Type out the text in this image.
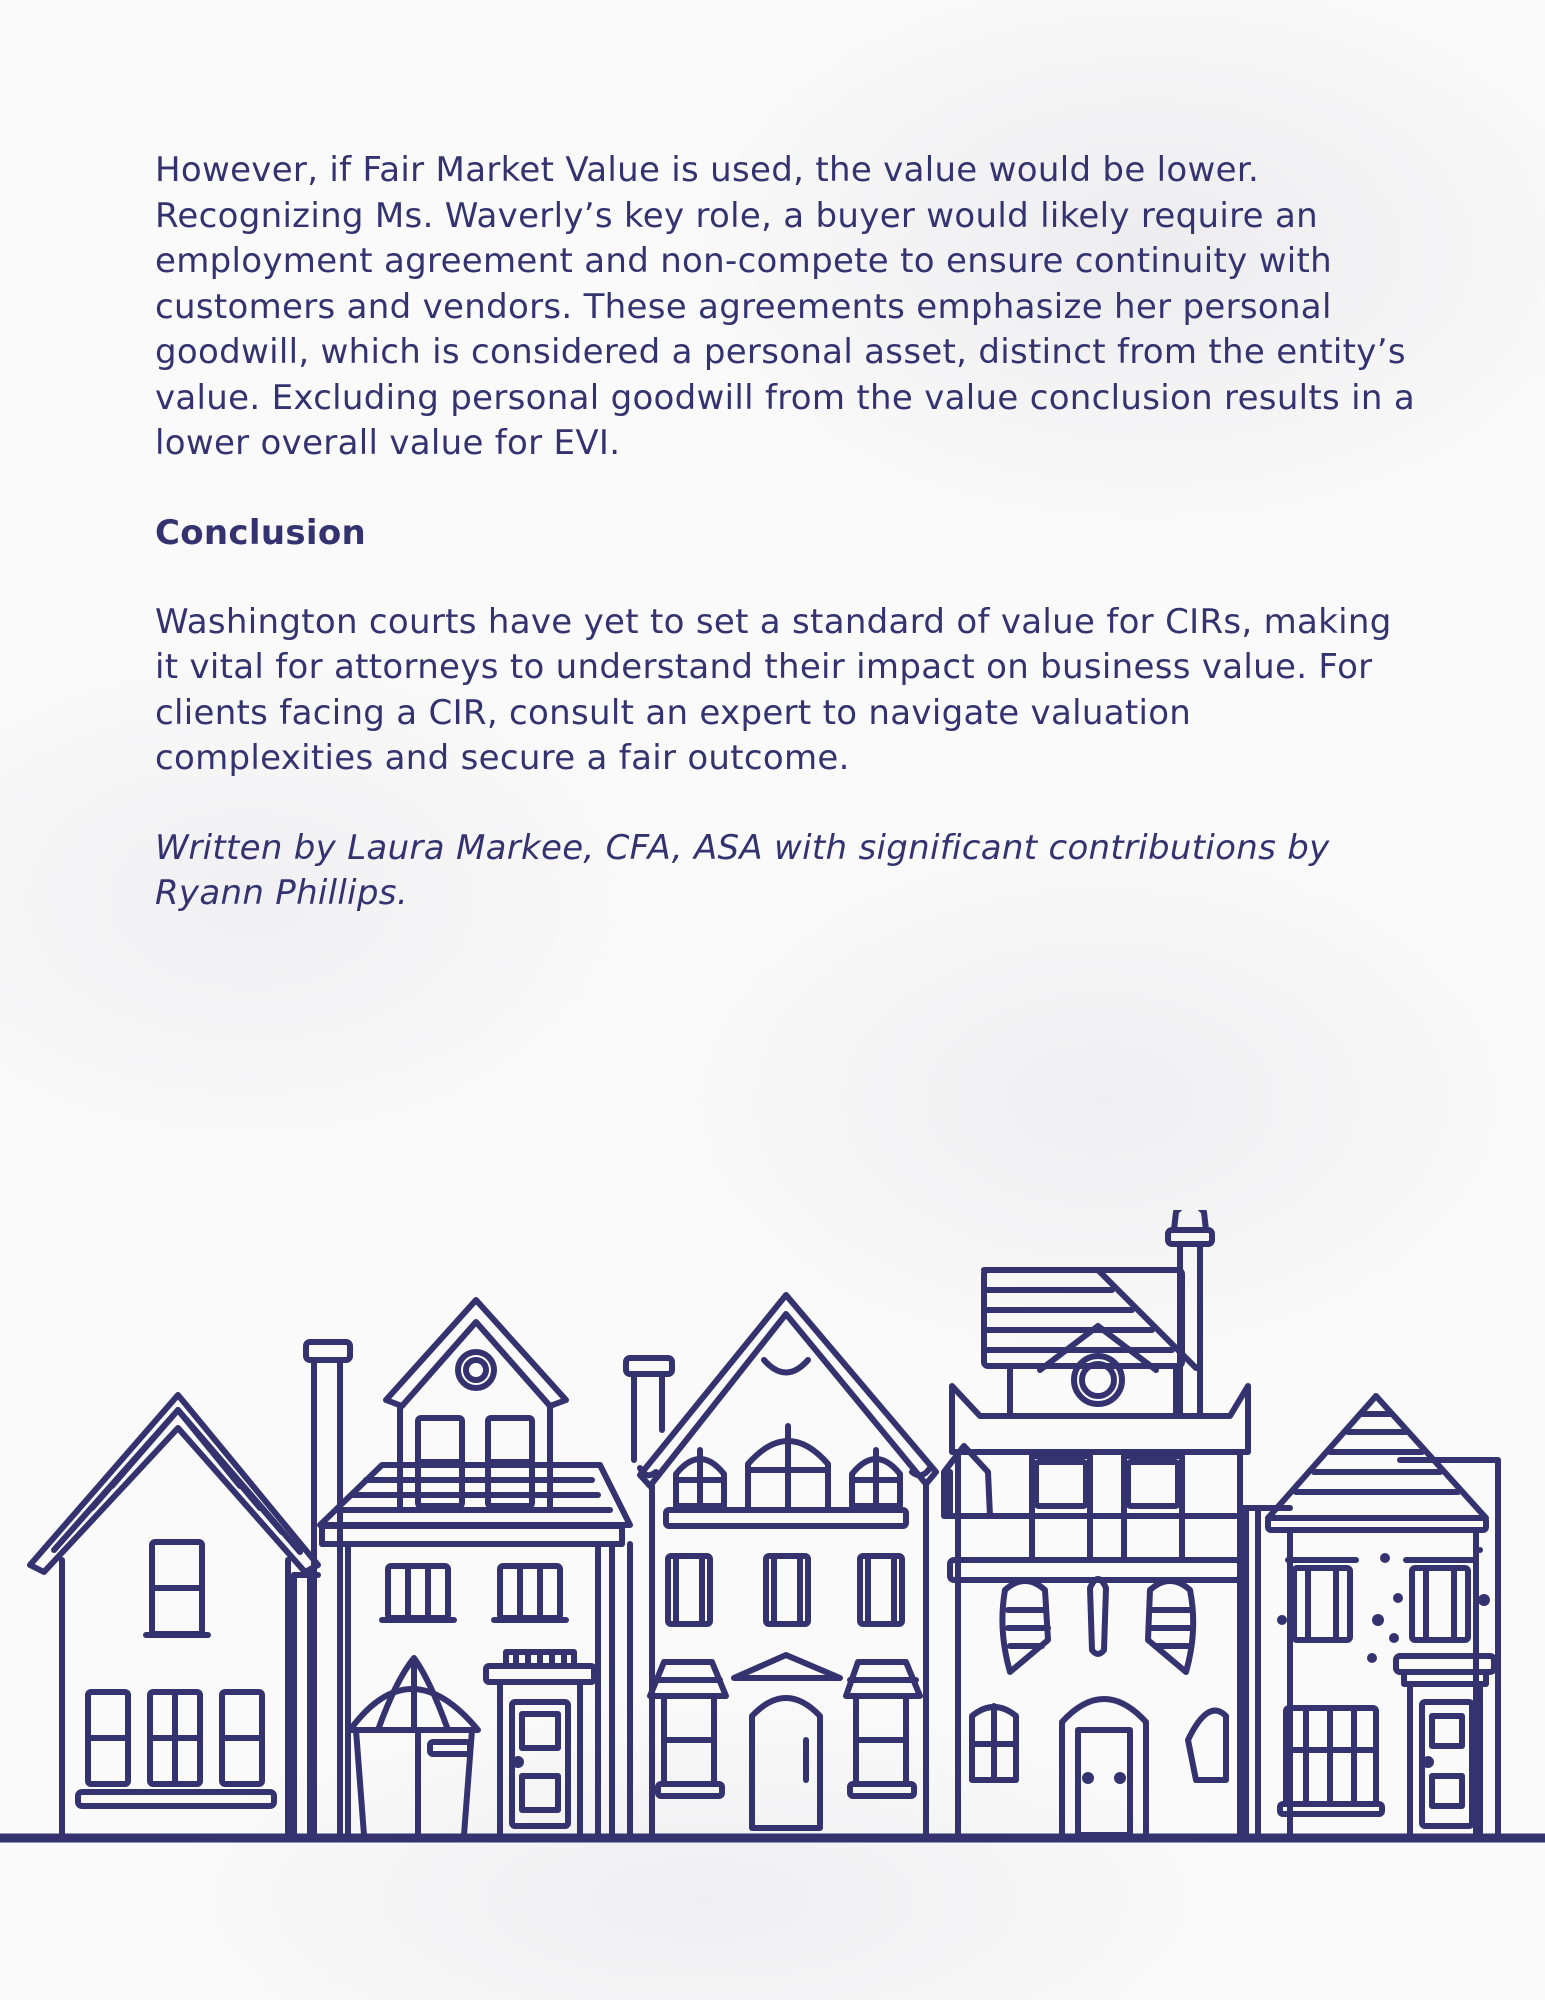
However, if Fair Market Value is used, the value would be lower. Recognizing Ms. Waverly’s key role, a buyer would likely require an employment agreement and non-compete to ensure continuity with customers and vendors. These agreements emphasize her personal goodwill, which is considered a personal asset, distinct from the entity’s value. Excluding personal goodwill from the value conclusion results in a lower overall value for EVI.

Conclusion

Washington courts have yet to set a standard of value for CIRs, making it vital for attorneys to understand their impact on business value. For clients facing a CIR, consult an expert to navigate valuation complexities and secure a fair outcome.

Written by Laura Markee, CFA, ASA with significant contributions by Ryann Phillips.
